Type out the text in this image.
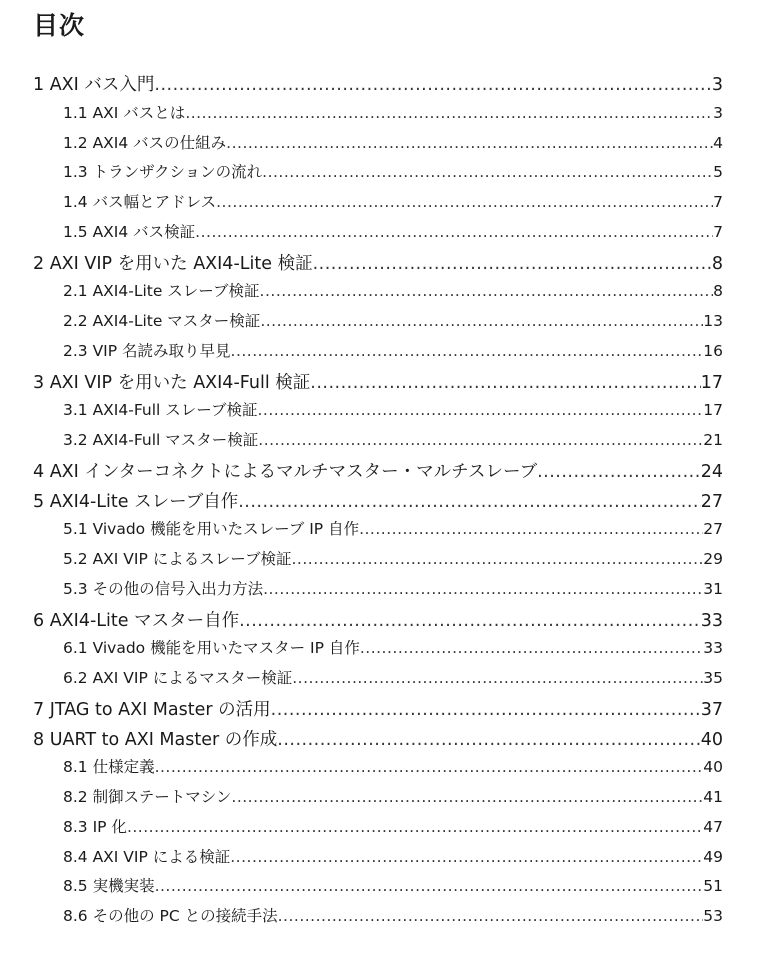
目次
1 AXI バス入門 .....	3
1.1 AXI バスとは .....	3
1.2 AXI4 バスの仕組み .....	4
1.3 トランザクションの流れ .....	5
1.4 バス幅とアドレス .....	7
1.5 AXI4 バス検証 .....	7
2 AXI VIP を用いた AXI4-Lite 検証 .....	8
2.1 AXI4-Lite スレーブ検証 .....	8
2.2 AXI4-Lite マスター検証 .....	13
2.3 VIP 名読み取り早見 .....	16
3 AXI VIP を用いた AXI4-Full 検証 .....	17
3.1 AXI4-Full スレーブ検証 .....	17
3.2 AXI4-Full マスター検証 .....	21
4 AXI インターコネクトによるマルチマスター・マルチスレーブ .....	24
5 AXI4-Lite スレーブ自作 .....	27
5.1 Vivado 機能を用いたスレーブ IP 自作 .....	27
5.2 AXI VIP によるスレーブ検証 .....	29
5.3 その他の信号入出力方法 .....	31
6 AXI4-Lite マスター自作 .....	33
6.1 Vivado 機能を用いたマスター IP 自作 .....	33
6.2 AXI VIP によるマスター検証 .....	35
7 JTAG to AXI Master の活用 .....	37
8 UART to AXI Master の作成 .....	40
8.1 仕様定義 .....	40
8.2 制御ステートマシン .....	41
8.3 IP 化 .....	47
8.4 AXI VIP による検証 .....	49
8.5 実機実装 .....	51
8.6 その他の PC との接続手法 .....	53
